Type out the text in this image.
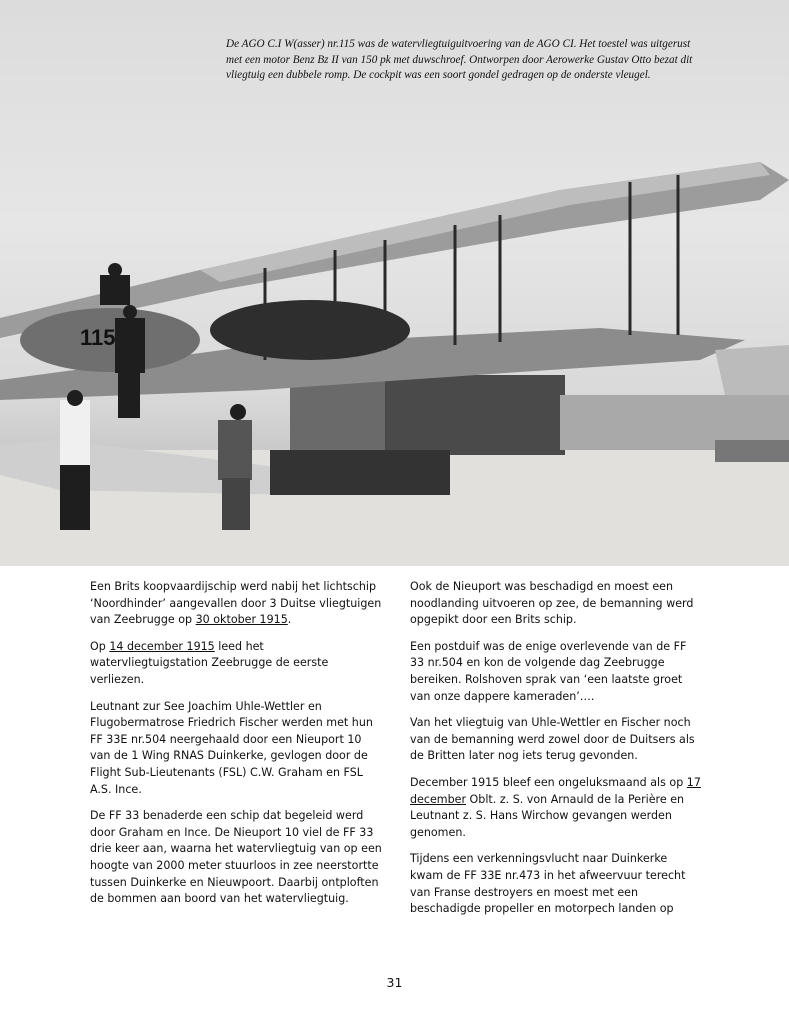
115
De AGO C.I W(asser) nr.115 was de watervliegtuiguitvoering van de AGO CI. Het toestel was uitgerust met een motor Benz Bz II van 150 pk met duwschroef. Ontworpen door Aerowerke Gustav Otto bezat dit vliegtuig een dubbele romp. De cockpit was een soort gondel gedragen op de onderste vleugel.

Een Brits koopvaardijschip werd nabij het lichtschip ‘Noordhinder’ aangevallen door 3 Duitse vliegtuigen van Zeebrugge op 30 oktober 1915.

Op 14 december 1915 leed het watervliegtuigstation Zeebrugge de eerste verliezen.

Leutnant zur See Joachim Uhle-Wettler en Flugobermatrose Friedrich Fischer werden met hun FF 33E nr.504 neergehaald door een Nieuport 10 van de 1 Wing RNAS Duinkerke, gevlogen door de Flight Sub-Lieutenants (FSL) C.W. Graham en FSL A.S. Ince.

De FF 33 benaderde een schip dat begeleid werd door Graham en Ince. De Nieuport 10 viel de FF 33 drie keer aan, waarna het watervliegtuig van op een hoogte van 2000 meter stuurloos in zee neerstortte tussen Duinkerke en Nieuwpoort. Daarbij ontploften de bommen aan boord van het watervliegtuig.

Ook de Nieuport was beschadigd en moest een noodlanding uitvoeren op zee, de bemanning werd opgepikt door een Brits schip.

Een postduif was de enige overlevende van de FF 33 nr.504 en kon de volgende dag Zeebrugge bereiken. Rolshoven sprak van ‘een laatste groet van onze dappere kameraden’….

Van het vliegtuig van Uhle-Wettler en Fischer noch van de bemanning werd zowel door de Duitsers als de Britten later nog iets terug gevonden.

December 1915 bleef een ongeluksmaand als op 17 december Oblt. z. S. von Arnauld de la Perière en Leutnant z. S. Hans Wirchow gevangen werden genomen.

Tijdens een verkenningsvlucht naar Duinkerke kwam de FF 33E nr.473 in het afweervuur terecht van Franse destroyers en moest met een beschadigde propeller en motorpech landen op

31
